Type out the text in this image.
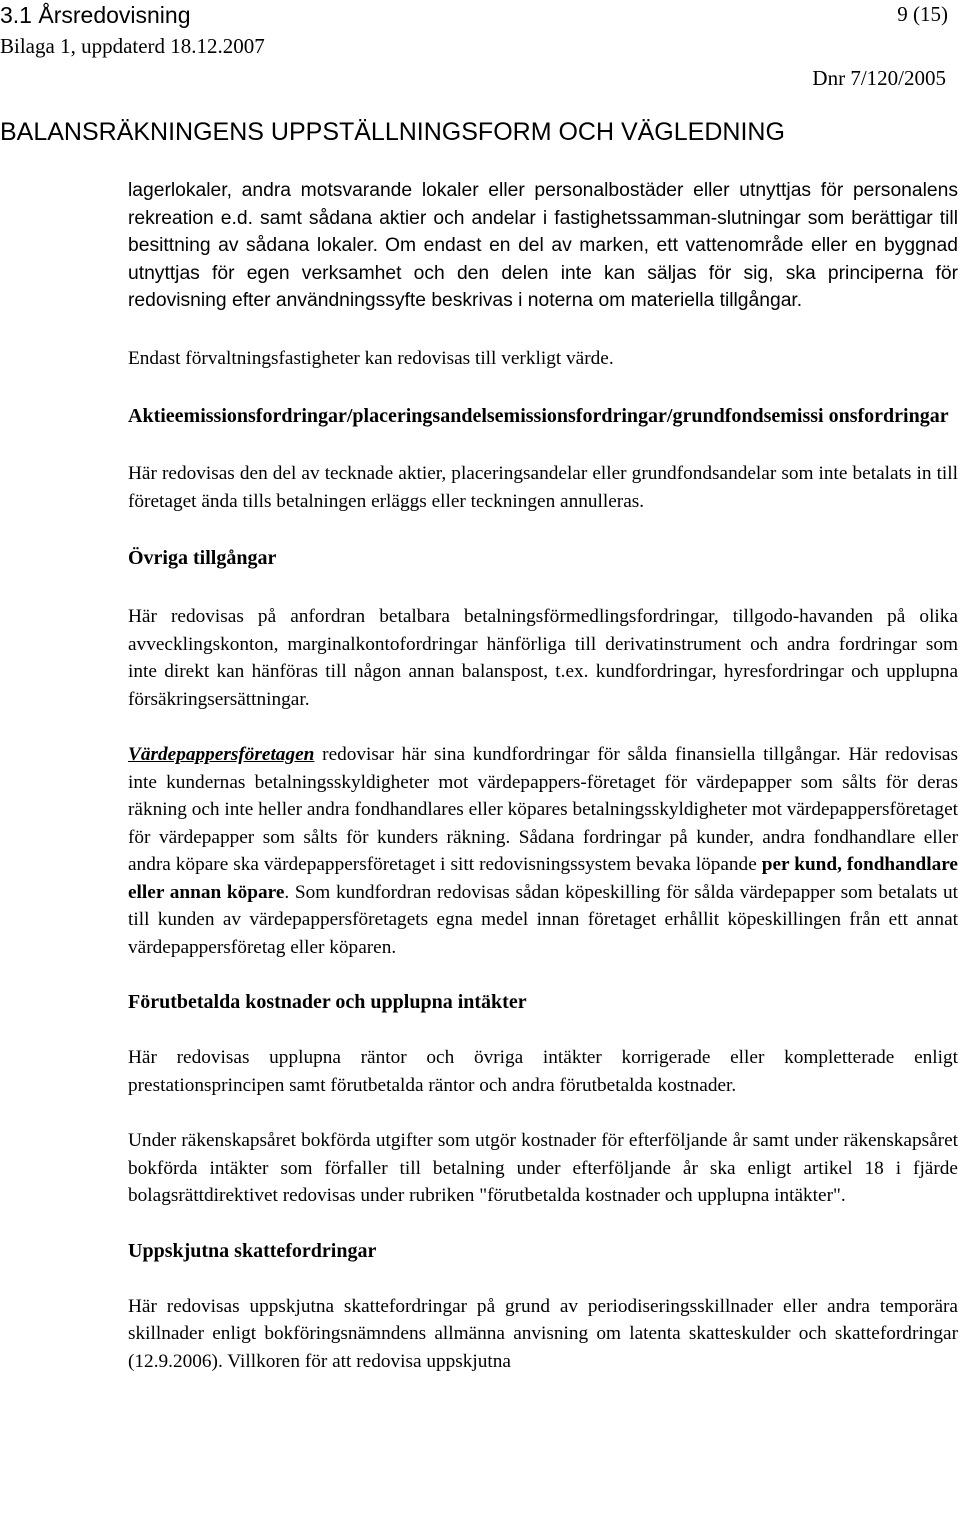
3.1 Årsredovisning
Bilaga 1, uppdaterd 18.12.2007
9 (15)
Dnr 7/120/2005
BALANSRÄKNINGENS UPPSTÄLLNINGSFORM OCH VÄGLEDNING

lagerlokaler, andra motsvarande lokaler eller personalbostäder eller utnyttjas för personalens rekreation e.d. samt sådana aktier och andelar i fastighetssamman-slutningar som berättigar till besittning av sådana lokaler. Om endast en del av marken, ett vattenområde eller en byggnad utnyttjas för egen verksamhet och den delen inte kan säljas för sig, ska principerna för redovisning efter användningssyfte beskrivas i noterna om materiella tillgångar.

Endast förvaltningsfastigheter kan redovisas till verkligt värde.

Aktieemissionsfordringar/placeringsandelsemissionsfordringar/grundfondsemissi onsfordringar

Här redovisas den del av tecknade aktier, placeringsandelar eller grundfondsandelar som inte betalats in till företaget ända tills betalningen erläggs eller teckningen annulleras.

Övriga tillgångar

Här redovisas på anfordran betalbara betalningsförmedlingsfordringar, tillgodo-havanden på olika avvecklingskonton, marginalkontofordringar hänförliga till derivatinstrument och andra fordringar som inte direkt kan hänföras till någon annan balanspost, t.ex. kundfordringar, hyresfordringar och upplupna försäkringsersättningar.

Värdepappersföretagen redovisar här sina kundfordringar för sålda finansiella tillgångar. Här redovisas inte kundernas betalningsskyldigheter mot värdepappers-företaget för värdepapper som sålts för deras räkning och inte heller andra fondhandlares eller köpares betalningsskyldigheter mot värdepappersföretaget för värdepapper som sålts för kunders räkning. Sådana fordringar på kunder, andra fondhandlare eller andra köpare ska värdepappersföretaget i sitt redovisningssystem bevaka löpande per kund, fondhandlare eller annan köpare. Som kundfordran redovisas sådan köpeskilling för sålda värdepapper som betalats ut till kunden av värdepappersföretagets egna medel innan företaget erhållit köpeskillingen från ett annat värdepappersföretag eller köparen.

Förutbetalda kostnader och upplupna intäkter

Här redovisas upplupna räntor och övriga intäkter korrigerade eller kompletterade enligt prestationsprincipen samt förutbetalda räntor och andra förutbetalda kostnader.

Under räkenskapsåret bokförda utgifter som utgör kostnader för efterföljande år samt under räkenskapsåret bokförda intäkter som förfaller till betalning under efterföljande år ska enligt artikel 18 i fjärde bolagsrättdirektivet redovisas under rubriken "förutbetalda kostnader och upplupna intäkter".

Uppskjutna skattefordringar

Här redovisas uppskjutna skattefordringar på grund av periodiseringsskillnader eller andra temporära skillnader enligt bokföringsnämndens allmänna anvisning om latenta skatteskulder och skattefordringar (12.9.2006). Villkoren för att redovisa uppskjutna
